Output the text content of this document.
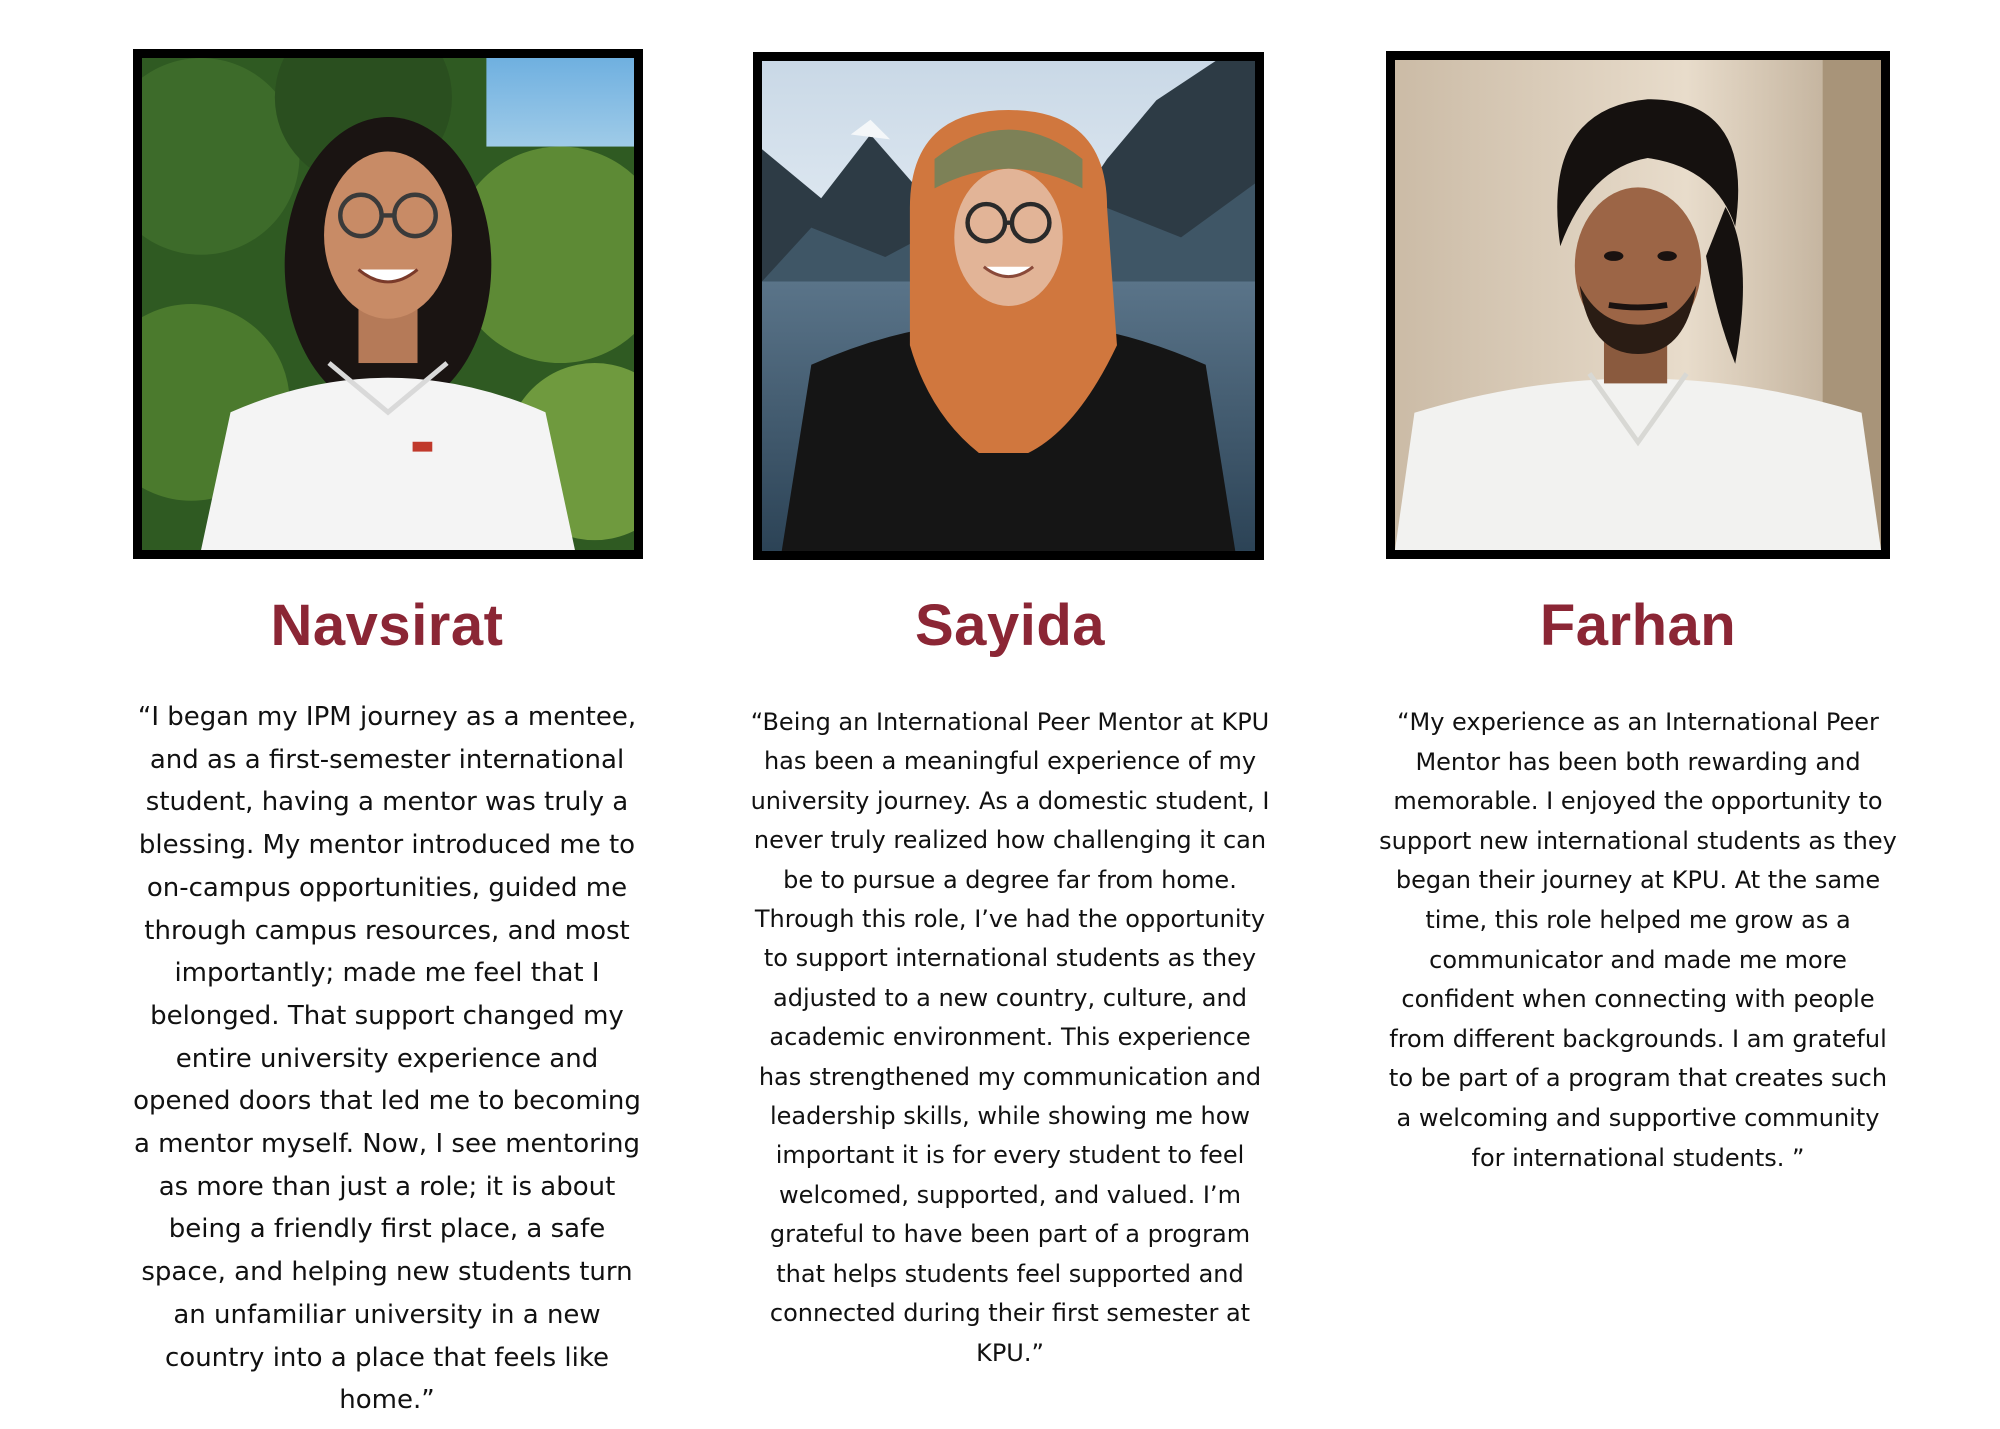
Navsirat

“I began my IPM journey as a mentee, and as a first-semester international student, having a mentor was truly a blessing. My mentor introduced me to on-campus opportunities, guided me through campus resources, and most importantly; made me feel that I belonged. That support changed my entire university experience and opened doors that led me to becoming a mentor myself. Now, I see mentoring as more than just a role; it is about being a friendly first place, a safe space, and helping new students turn an unfamiliar university in a new country into a place that feels like home.”

Sayida

“Being an International Peer Mentor at KPU has been a meaningful experience of my university journey. As a domestic student, I never truly realized how challenging it can be to pursue a degree far from home. Through this role, I’ve had the opportunity to support international students as they adjusted to a new country, culture, and academic environment. This experience has strengthened my communication and leadership skills, while showing me how important it is for every student to feel welcomed, supported, and valued. I’m grateful to have been part of a program that helps students feel supported and connected during their first semester at KPU.”

Farhan

“My experience as an International Peer Mentor has been both rewarding and memorable. I enjoyed the opportunity to support new international students as they began their journey at KPU. At the same time, this role helped me grow as a communicator and made me more confident when connecting with people from different backgrounds. I am grateful to be part of a program that creates such a welcoming and supportive community for international students. ”
